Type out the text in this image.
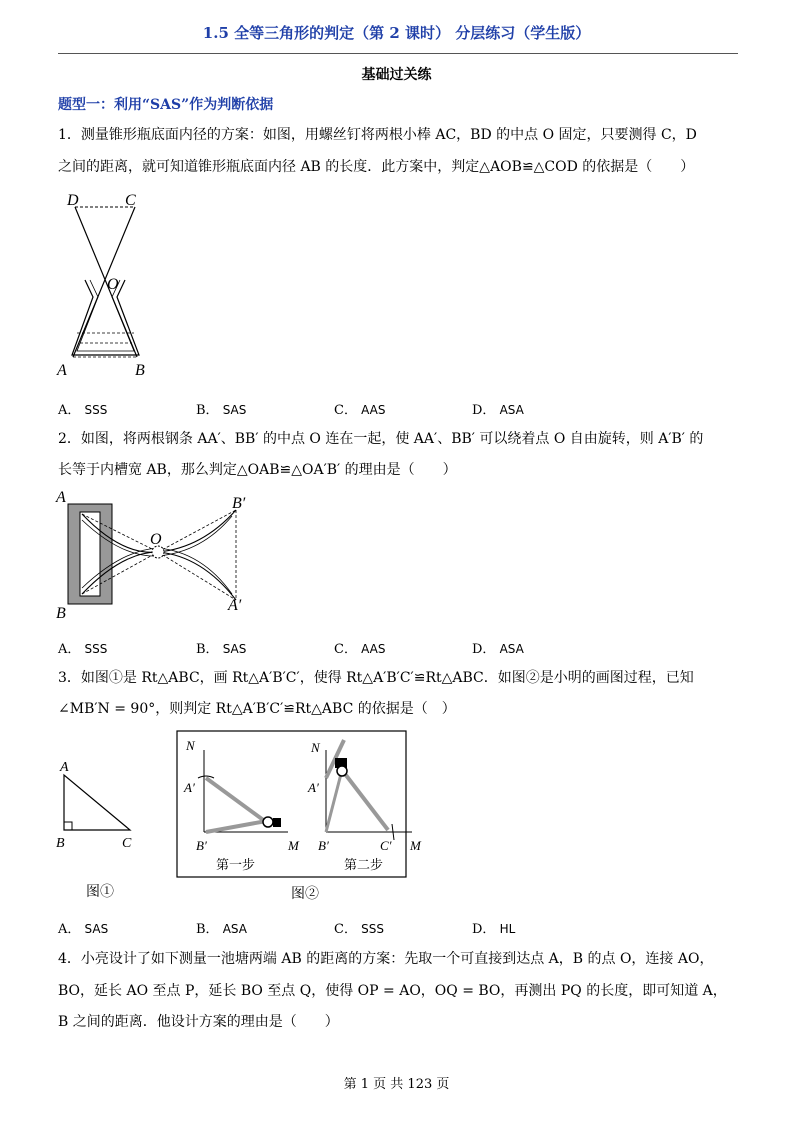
1.5 全等三角形的判定（第 2 课时） 分层练习（学生版）
基础过关练
题型一：利用“SAS”作为判断依据
1．测量锥形瓶底面内径的方案：如图，用螺丝钉将两根小棒 AC，BD 的中点 O 固定，只要测得 C，D
之间的距离，就可知道锥形瓶底面内径 AB 的长度．此方案中，判定△AOB≌△COD 的依据是（　　）
D	C
O
A	B
A． SSS	B． SAS	C． AAS	D． ASA
2．如图，将两根钢条 AA′、BB′ 的中点 O 连在一起，使 AA′、BB′ 可以绕着点 O 自由旋转，则 A′B′ 的
长等于内槽宽 AB，那么判定△OAB≌△OA′B′ 的理由是（　　）
A
B
O
B′
A′
A． SSS	B． SAS	C． AAS	D． ASA
3．如图①是 Rt△ABC，画 Rt△A′B′C′，使得 Rt△A′B′C′≌Rt△ABC．如图②是小明的画图过程，已知
∠MB′N = 90°，则判定 Rt△A′B′C′≌Rt△ABC 的依据是（　）
A
B	C
图①
N
A′
B′	M
第一步
N
A′
B′	C′ M
第二步
图②
A． SAS	B． ASA	C． SSS	D． HL
4．小亮设计了如下测量一池塘两端 AB 的距离的方案：先取一个可直接到达点 A，B 的点 O，连接 AO，
BO，延长 AO 至点 P，延长 BO 至点 Q，使得 OP = AO，OQ = BO，再测出 PQ 的长度，即可知道 A，
B 之间的距离．他设计方案的理由是（　　）
第 1 页 共 123 页
